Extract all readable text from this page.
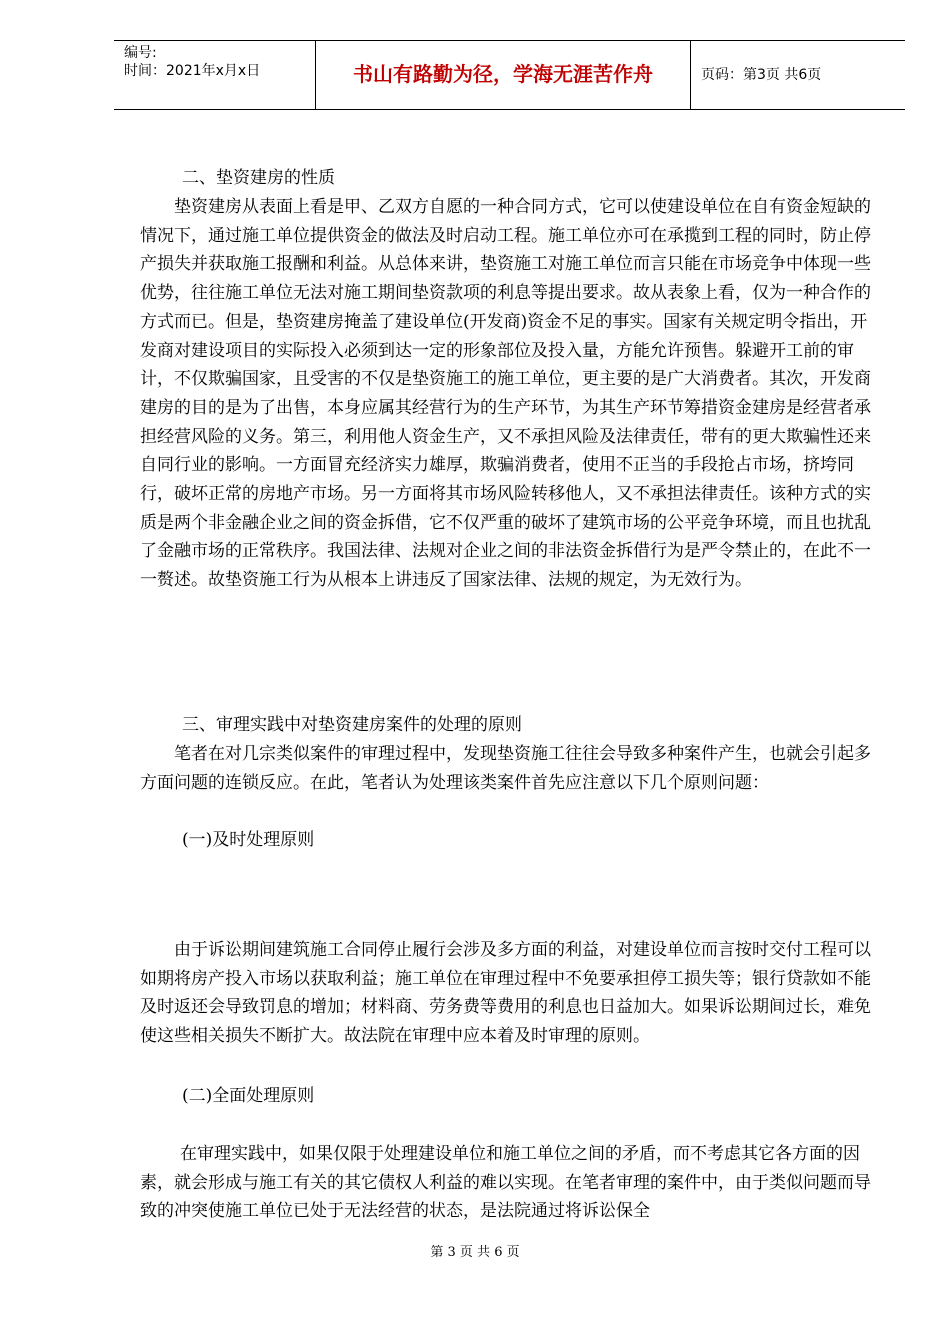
编号:
时间：2021年x月x日	书山有路勤为径，学海无涯苦作舟	页码：第3页 共6页
二、垫资建房的性质

垫资建房从表面上看是甲、乙双方自愿的一种合同方式，它可以使建设单位在自有资金短缺的情况下，通过施工单位提供资金的做法及时启动工程。施工单位亦可在承揽到工程的同时，防止停产损失并获取施工报酬和利益。从总体来讲，垫资施工对施工单位而言只能在市场竞争中体现一些优势，往往施工单位无法对施工期间垫资款项的利息等提出要求。故从表象上看，仅为一种合作的方式而已。但是，垫资建房掩盖了建设单位(开发商)资金不足的事实。国家有关规定明令指出，开发商对建设项目的实际投入必须到达一定的形象部位及投入量，方能允许预售。躲避开工前的审计，不仅欺骗国家，且受害的不仅是垫资施工的施工单位，更主要的是广大消费者。其次，开发商建房的目的是为了出售，本身应属其经营行为的生产环节，为其生产环节筹措资金建房是经营者承担经营风险的义务。第三，利用他人资金生产，又不承担风险及法律责任，带有的更大欺骗性还来自同行业的影响。一方面冒充经济实力雄厚，欺骗消费者，使用不正当的手段抢占市场，挤垮同行，破坏正常的房地产市场。另一方面将其市场风险转移他人，又不承担法律责任。该种方式的实质是两个非金融企业之间的资金拆借，它不仅严重的破坏了建筑市场的公平竞争环境，而且也扰乱了金融市场的正常秩序。我国法律、法规对企业之间的非法资金拆借行为是严令禁止的，在此不一一赘述。故垫资施工行为从根本上讲违反了国家法律、法规的规定，为无效行为。

三、审理实践中对垫资建房案件的处理的原则

笔者在对几宗类似案件的审理过程中，发现垫资施工往往会导致多种案件产生，也就会引起多方面问题的连锁反应。在此，笔者认为处理该类案件首先应注意以下几个原则问题：

(一)及时处理原则

由于诉讼期间建筑施工合同停止履行会涉及多方面的利益，对建设单位而言按时交付工程可以如期将房产投入市场以获取利益；施工单位在审理过程中不免要承担停工损失等；银行贷款如不能及时返还会导致罚息的增加；材料商、劳务费等费用的利息也日益加大。如果诉讼期间过长，难免使这些相关损失不断扩大。故法院在审理中应本着及时审理的原则。

(二)全面处理原则

在审理实践中，如果仅限于处理建设单位和施工单位之间的矛盾，而不考虑其它各方面的因素，就会形成与施工有关的其它债权人利益的难以实现。在笔者审理的案件中，由于类似问题而导致的冲突使施工单位已处于无法经营的状态，是法院通过将诉讼保全

第 3 页 共 6 页
